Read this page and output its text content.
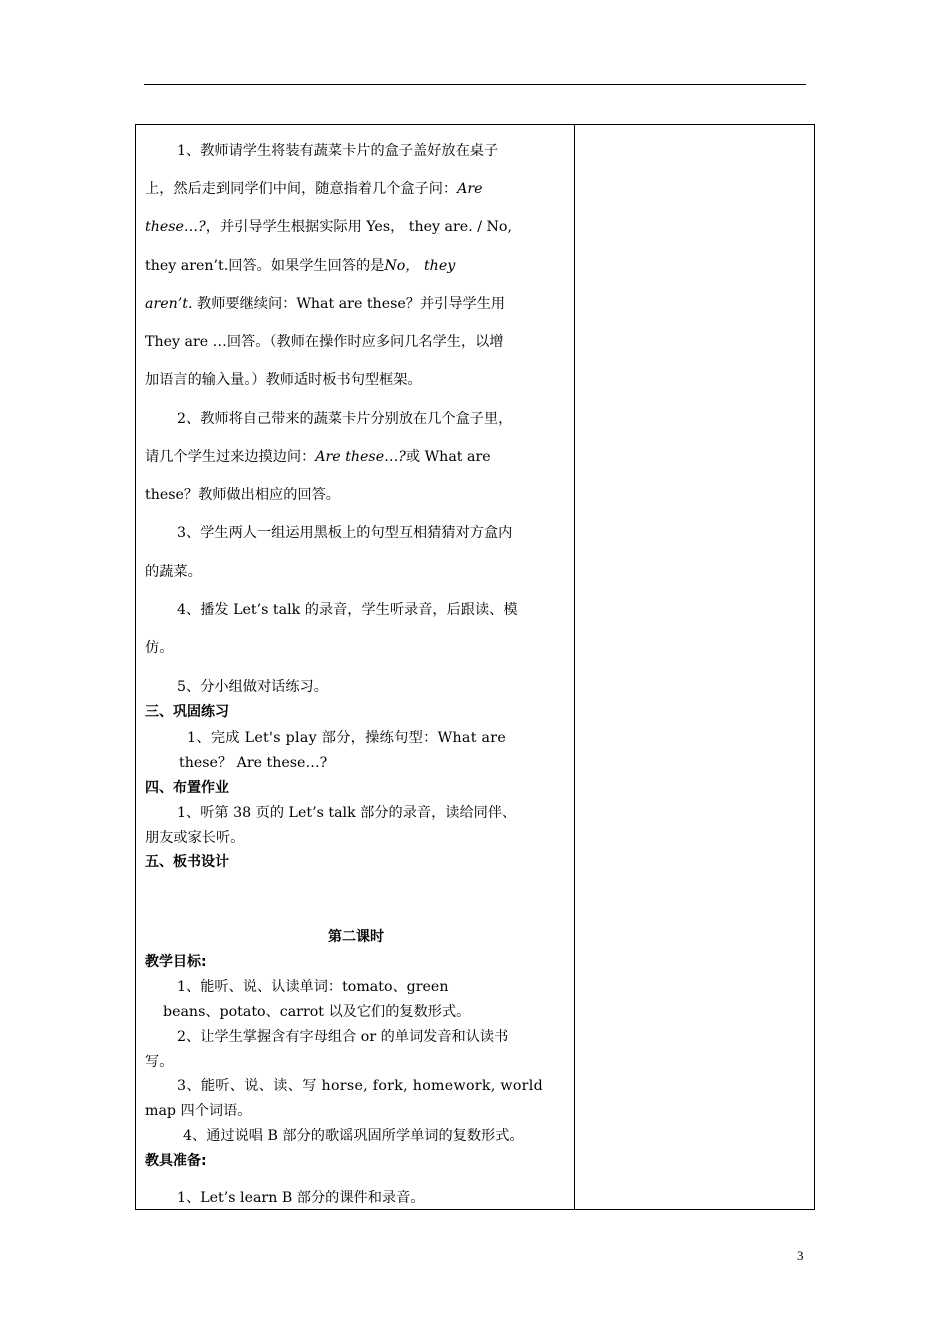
1、教师请学生将装有蔬菜卡片的盒子盖好放在桌子

上，然后走到同学们中间，随意指着几个盒子问：Are

these…?，并引导学生根据实际用 Yes， they are. / No,

they aren’t.回答。如果学生回答的是No， they

aren’t. 教师要继续问：What are these？并引导学生用

They are …回答。（教师在操作时应多问几名学生，以增

加语言的输入量。）教师适时板书句型框架。

2、教师将自己带来的蔬菜卡片分别放在几个盒子里，

请几个学生过来边摸边问：Are these…?或 What are

these？教师做出相应的回答。

3、学生两人一组运用黑板上的句型互相猜猜对方盒内

的蔬菜。

4、播发 Let’s talk 的录音，学生听录音，后跟读、模

仿。

5、分小组做对话练习。

三、巩固练习

1、完成 Let's play 部分，操练句型：What are

these？ Are these…?

四、布置作业

1、听第 38 页的 Let’s talk 部分的录音，读给同伴、

朋友或家长听。

五、板书设计

第二课时

教学目标:

1、能听、说、认读单词：tomato、green

beans、potato、carrot 以及它们的复数形式。

2、让学生掌握含有字母组合 or 的单词发音和认读书

写。

3、能听、说、读、写 horse, fork, homework, world

map 四个词语。

4、通过说唱 B 部分的歌谣巩固所学单词的复数形式。

教具准备:

1、Let’s learn B 部分的课件和录音。

3
